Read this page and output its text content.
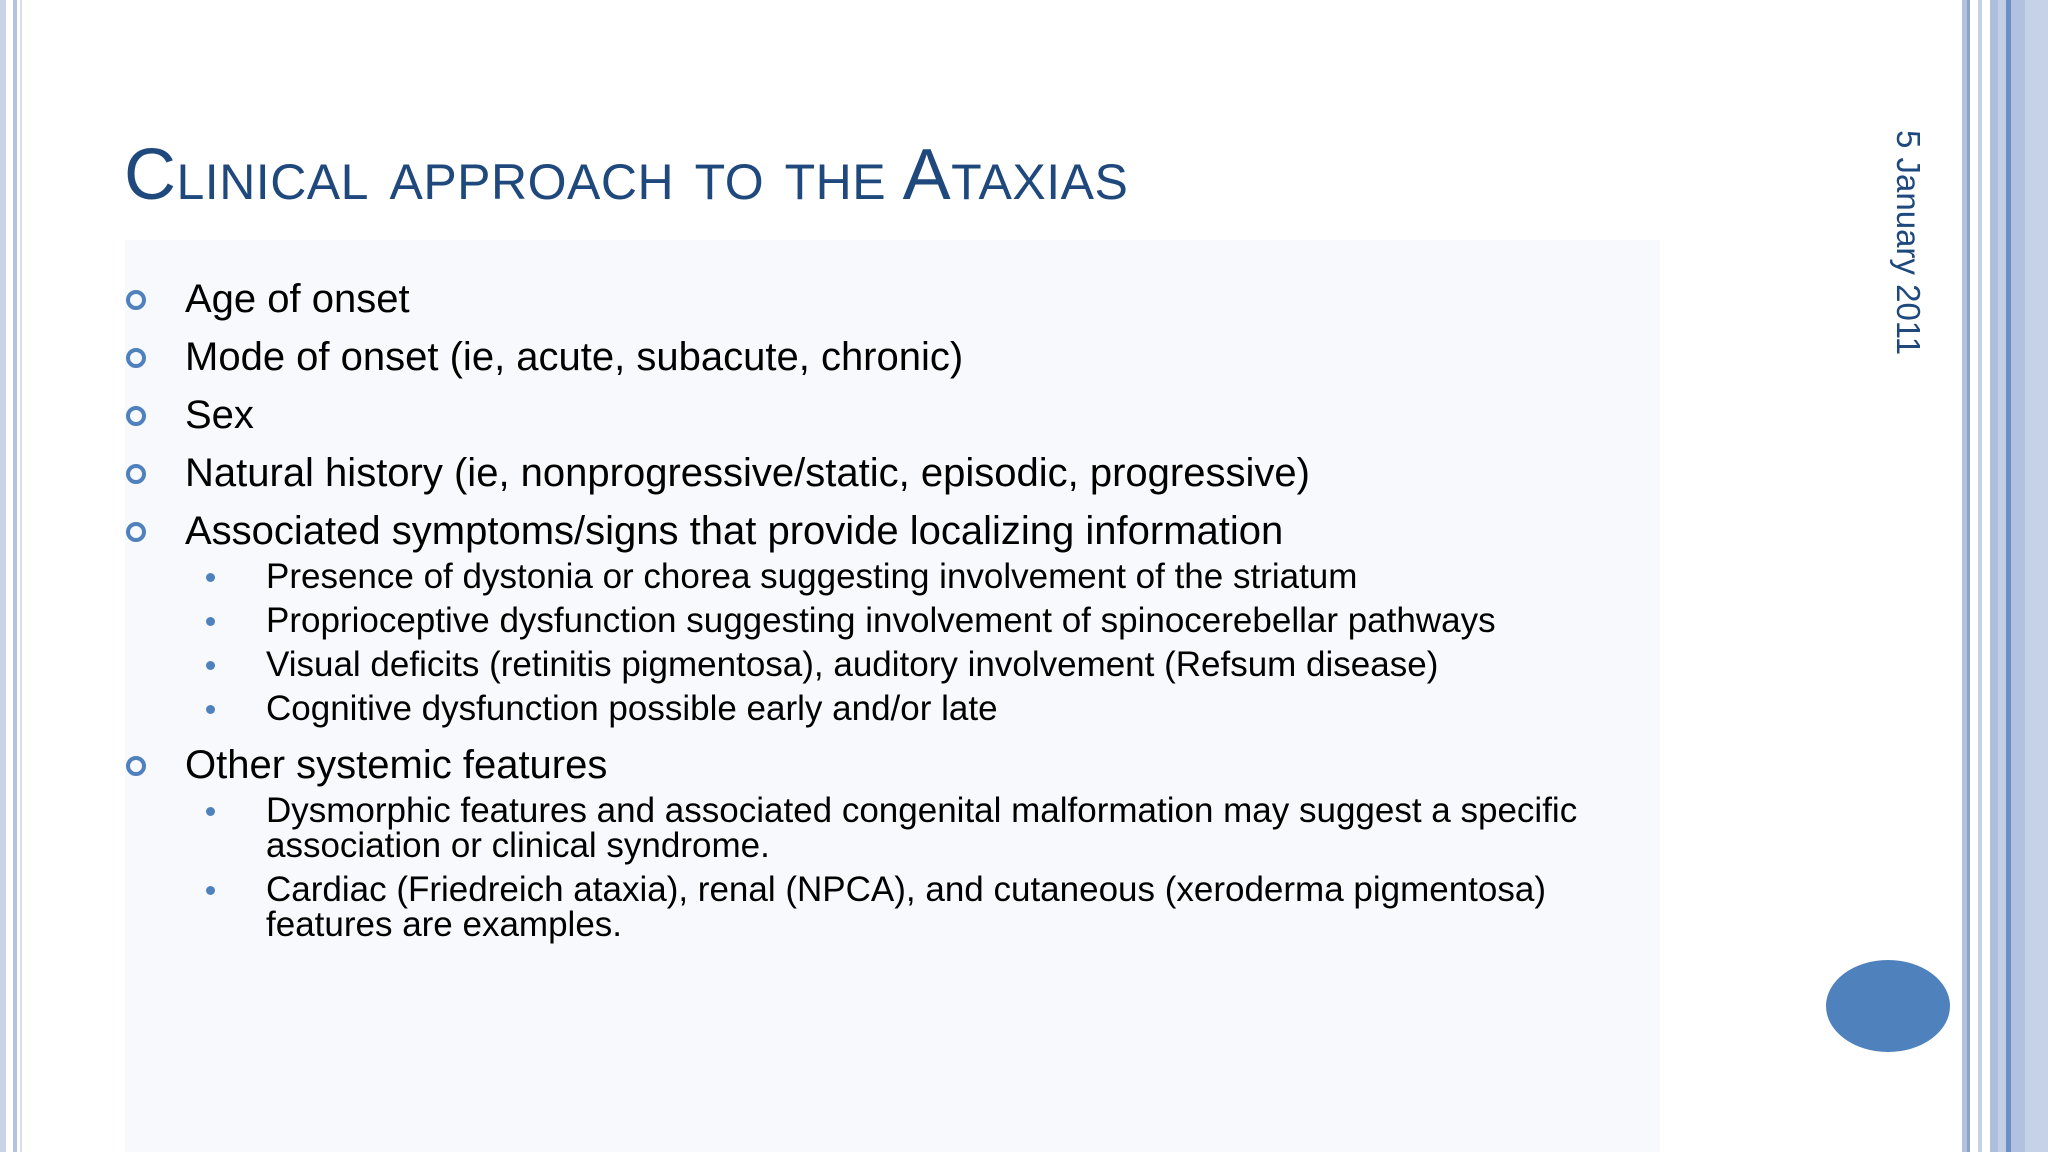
Clinical approach to the Ataxias	5 January 2011
Age of onset
Mode of onset (ie, acute, subacute, chronic)
Sex
Natural history (ie, nonprogressive/static, episodic, progressive)
Associated symptoms/signs that provide localizing information
Presence of dystonia or chorea suggesting involvement of the striatum
Proprioceptive dysfunction suggesting involvement of spinocerebellar pathways
Visual deficits (retinitis pigmentosa), auditory involvement (Refsum disease)
Cognitive dysfunction possible early and/or late
Other systemic features
Dysmorphic features and associated congenital malformation may suggest a specific association or clinical syndrome.
Cardiac (Friedreich ataxia), renal (NPCA), and cutaneous (xeroderma pigmentosa) features are examples.
